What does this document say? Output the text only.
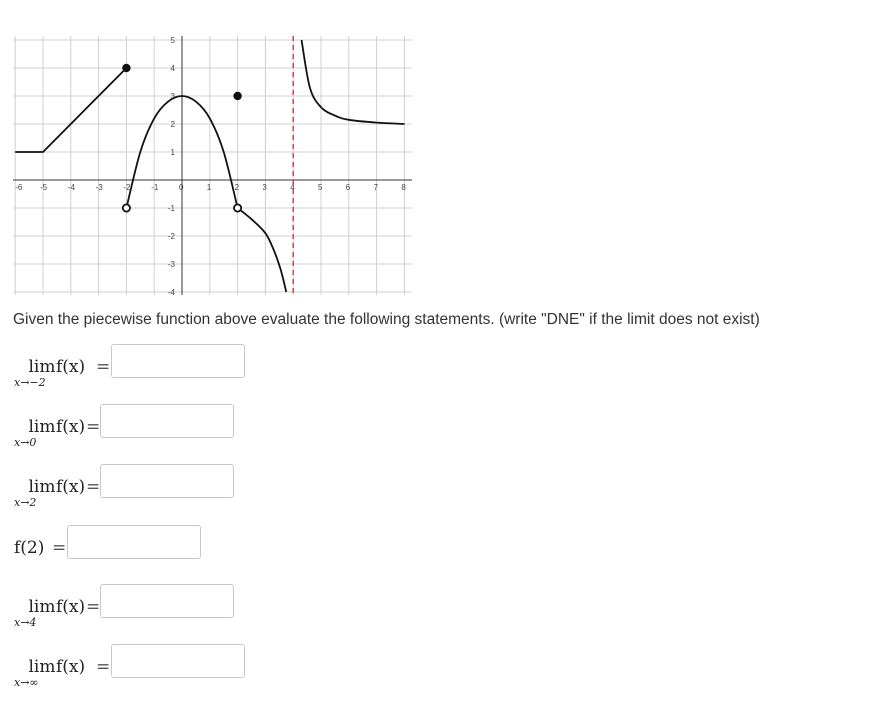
-6 -5	-4	-3	-2	-1	0	1	2	3	4	5	6	7	8
5
4
3
2
1
-1
-2
-3
-4
Given the piecewise function above evaluate the following statements. (write "DNE" if the limit does not exist)
lim
x→−2
f(x) =
lim
x→0
f(x) =
lim
x→2
f(x) =
f(2) =
lim
x→4
f(x) =
lim
x→∞
f(x) =
